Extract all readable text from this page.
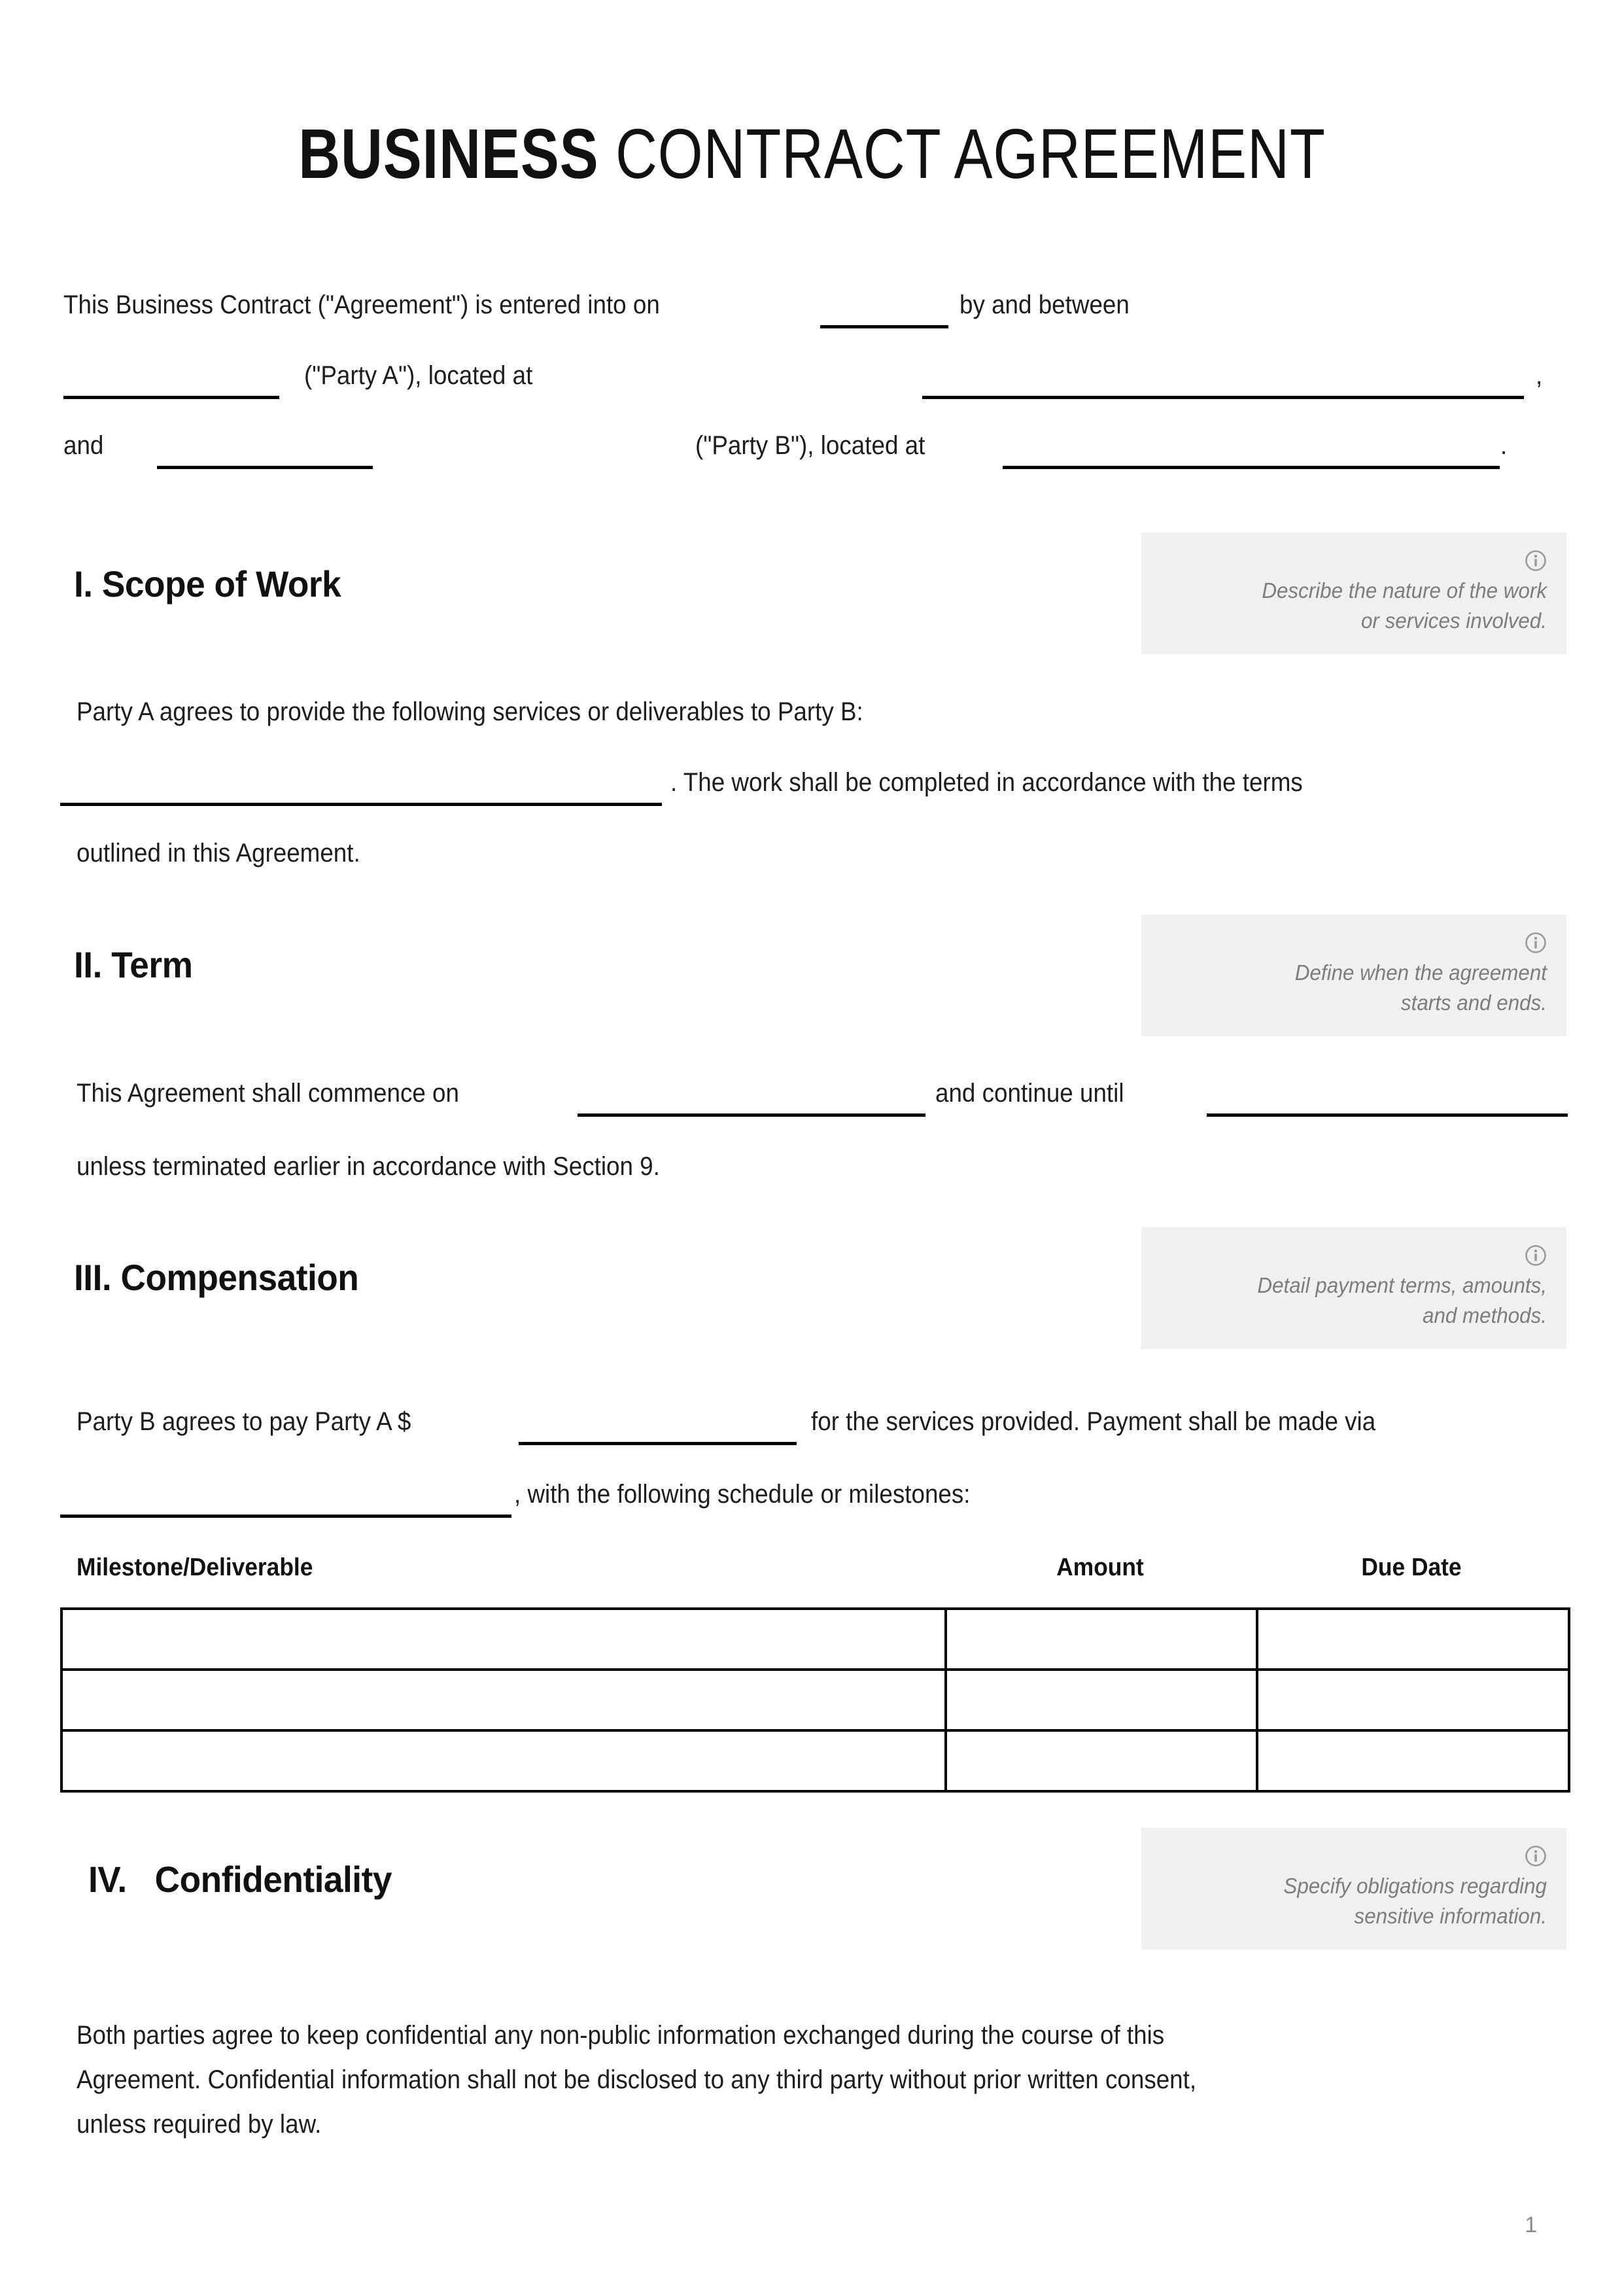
BUSINESS CONTRACT AGREEMENT
This Business Contract ("Agreement") is entered into on	by and between
("Party A"), located at	,
and	("Party B"), located at	.
I. Scope of Work	Describe the nature of the work
or services involved.
Party A agrees to provide the following services or deliverables to Party B:
. The work shall be completed in accordance with the terms
outlined in this Agreement.
II. Term	Define when the agreement
starts and ends.
This Agreement shall commence on	and continue until
unless terminated earlier in accordance with Section 9.
III. Compensation	Detail payment terms, amounts,
and methods.
Party B agrees to pay Party A $	for the services provided. Payment shall be made via
, with the following schedule or milestones:
Milestone/Deliverable	Amount	Due Date

IV.   Confidentiality	Specify obligations regarding
sensitive information.
Both parties agree to keep confidential any non-public information exchanged during the course of this
Agreement. Confidential information shall not be disclosed to any third party without prior written consent,
unless required by law.
1
